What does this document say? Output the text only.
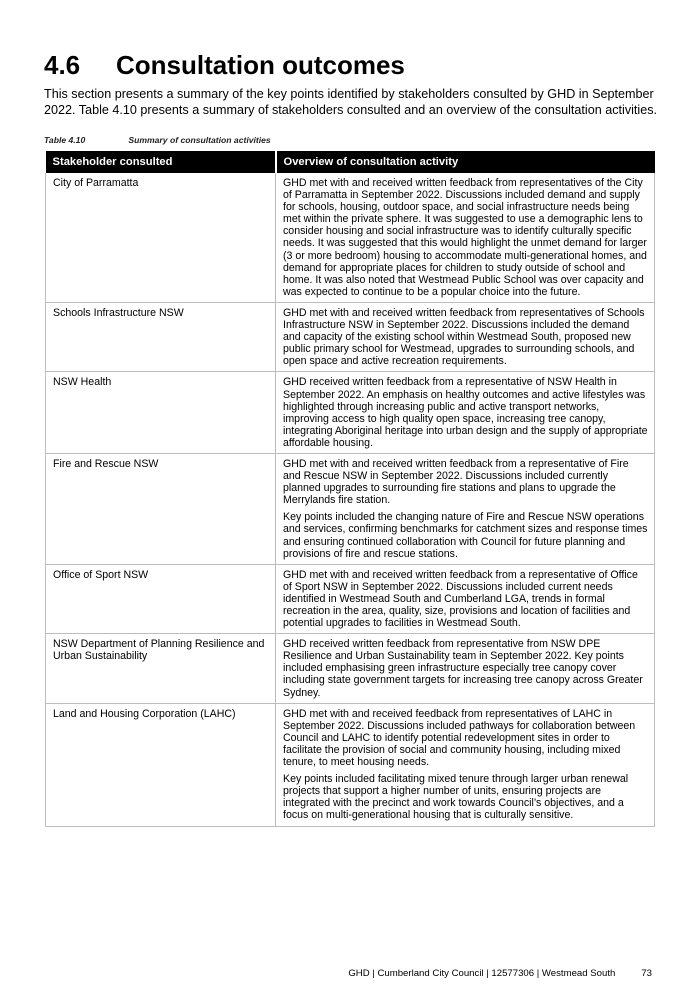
4.6	Consultation outcomes
This section presents a summary of the key points identified by stakeholders consulted by GHD in September 2022. Table 4.10 presents a summary of stakeholders consulted and an overview of the consultation activities.
Table 4.10	Summary of consultation activities
Stakeholder consulted	Overview of consultation activity
City of Parramatta	GHD met with and received written feedback from representatives of the City of Parramatta in September 2022. Discussions included demand and supply for schools, housing, outdoor space, and social infrastructure needs being met within the private sphere. It was suggested to use a demographic lens to consider housing and social infrastructure was to identify culturally specific needs. It was suggested that this would highlight the unmet demand for larger (3 or more bedroom) housing to accommodate multi-generational homes, and demand for appropriate places for children to study outside of school and home. It was also noted that Westmead Public School was over capacity and was expected to continue to be a popular choice into the future.

Schools Infrastructure NSW	GHD met with and received written feedback from representatives of Schools Infrastructure NSW in September 2022. Discussions included the demand and capacity of the existing school within Westmead South, proposed new public primary school for Westmead, upgrades to surrounding schools, and open space and active recreation requirements.

NSW Health	GHD received written feedback from a representative of NSW Health in September 2022. An emphasis on healthy outcomes and active lifestyles was highlighted through increasing public and active transport networks, improving access to high quality open space, increasing tree canopy, integrating Aboriginal heritage into urban design and the supply of appropriate affordable housing.

Fire and Rescue NSW	GHD met with and received written feedback from a representative of Fire and Rescue NSW in September 2022. Discussions included currently planned upgrades to surrounding fire stations and plans to upgrade the Merrylands fire station.

Key points included the changing nature of Fire and Rescue NSW operations and services, confirming benchmarks for catchment sizes and response times and ensuring continued collaboration with Council for future planning and provisions of fire and rescue stations.

Office of Sport NSW	GHD met with and received written feedback from a representative of Office of Sport NSW in September 2022. Discussions included current needs identified in Westmead South and Cumberland LGA, trends in formal recreation in the area, quality, size, provisions and location of facilities and potential upgrades to facilities in Westmead South.

NSW Department of Planning Resilience and Urban Sustainability	GHD received written feedback from representative from NSW DPE Resilience and Urban Sustainability team in September 2022. Key points included emphasising green infrastructure especially tree canopy cover including state government targets for increasing tree canopy across Greater Sydney.

Land and Housing Corporation (LAHC)	GHD met with and received feedback from representatives of LAHC in September 2022. Discussions included pathways for collaboration between Council and LAHC to identify potential redevelopment sites in order to facilitate the provision of social and community housing, including mixed tenure, to meet housing needs.

Key points included facilitating mixed tenure through larger urban renewal projects that support a higher number of units, ensuring projects are integrated with the precinct and work towards Council’s objectives, and a focus on multi-generational housing that is culturally sensitive.

GHD | Cumberland City Council | 12577306 | Westmead South	73
